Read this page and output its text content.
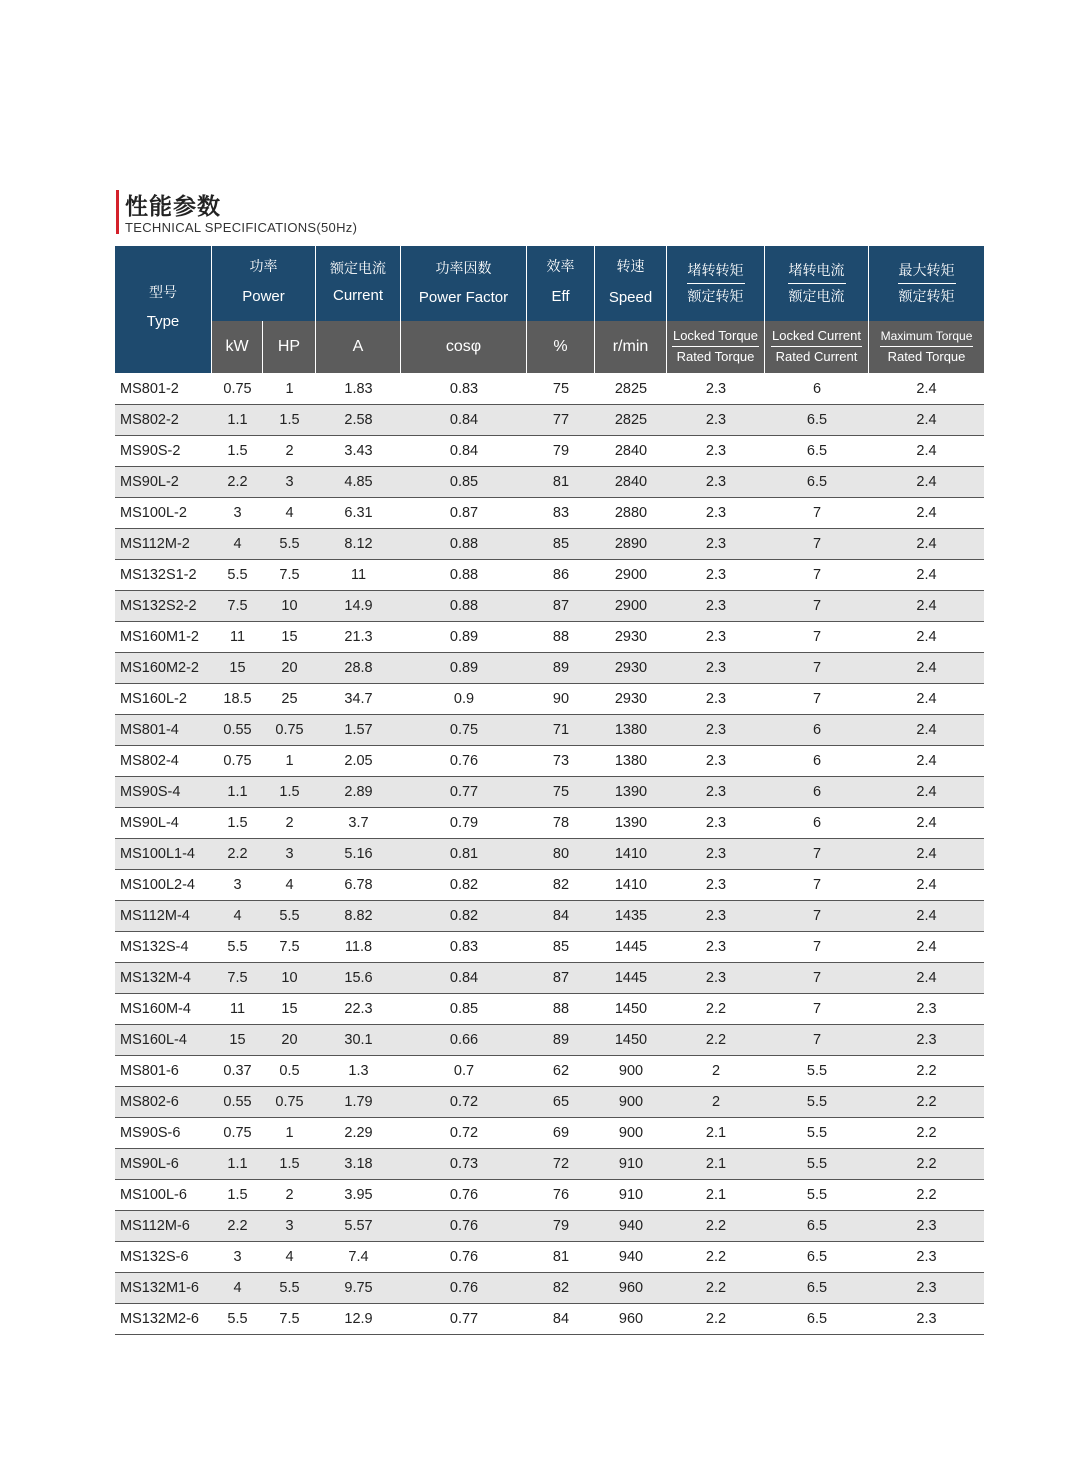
性能参数
TECHNICAL SPECIFICATIONS(50Hz)
型号
Type
功率
Power
额定电流
Current
功率因数
Power Factor
效率
Eff
转速
Speed
堵转转矩
额定转矩
堵转电流
额定电流
最大转矩
额定转矩
kW	HP	A	cosφ	%	r/min
Locked Torque
Rated Torque
Locked Current
Rated Current
Maximum Torque
Rated Torque
MS801-2	0.75	1	1.83	0.83	75	2825	2.3	6	2.4
MS802-2	1.1	1.5	2.58	0.84	77	2825	2.3	6.5	2.4
MS90S-2	1.5	2	3.43	0.84	79	2840	2.3	6.5	2.4
MS90L-2	2.2	3	4.85	0.85	81	2840	2.3	6.5	2.4
MS100L-2	3	4	6.31	0.87	83	2880	2.3	7	2.4
MS112M-2	4	5.5	8.12	0.88	85	2890	2.3	7	2.4
MS132S1-2	5.5	7.5	11	0.88	86	2900	2.3	7	2.4
MS132S2-2	7.5	10	14.9	0.88	87	2900	2.3	7	2.4
MS160M1-2	11	15	21.3	0.89	88	2930	2.3	7	2.4
MS160M2-2	15	20	28.8	0.89	89	2930	2.3	7	2.4
MS160L-2	18.5	25	34.7	0.9	90	2930	2.3	7	2.4
MS801-4	0.55	0.75	1.57	0.75	71	1380	2.3	6	2.4
MS802-4	0.75	1	2.05	0.76	73	1380	2.3	6	2.4
MS90S-4	1.1	1.5	2.89	0.77	75	1390	2.3	6	2.4
MS90L-4	1.5	2	3.7	0.79	78	1390	2.3	6	2.4
MS100L1-4	2.2	3	5.16	0.81	80	1410	2.3	7	2.4
MS100L2-4	3	4	6.78	0.82	82	1410	2.3	7	2.4
MS112M-4	4	5.5	8.82	0.82	84	1435	2.3	7	2.4
MS132S-4	5.5	7.5	11.8	0.83	85	1445	2.3	7	2.4
MS132M-4	7.5	10	15.6	0.84	87	1445	2.3	7	2.4
MS160M-4	11	15	22.3	0.85	88	1450	2.2	7	2.3
MS160L-4	15	20	30.1	0.66	89	1450	2.2	7	2.3
MS801-6	0.37	0.5	1.3	0.7	62	900	2	5.5	2.2
MS802-6	0.55	0.75	1.79	0.72	65	900	2	5.5	2.2
MS90S-6	0.75	1	2.29	0.72	69	900	2.1	5.5	2.2
MS90L-6	1.1	1.5	3.18	0.73	72	910	2.1	5.5	2.2
MS100L-6	1.5	2	3.95	0.76	76	910	2.1	5.5	2.2
MS112M-6	2.2	3	5.57	0.76	79	940	2.2	6.5	2.3
MS132S-6	3	4	7.4	0.76	81	940	2.2	6.5	2.3
MS132M1-6	4	5.5	9.75	0.76	82	960	2.2	6.5	2.3
MS132M2-6	5.5	7.5	12.9	0.77	84	960	2.2	6.5	2.3
